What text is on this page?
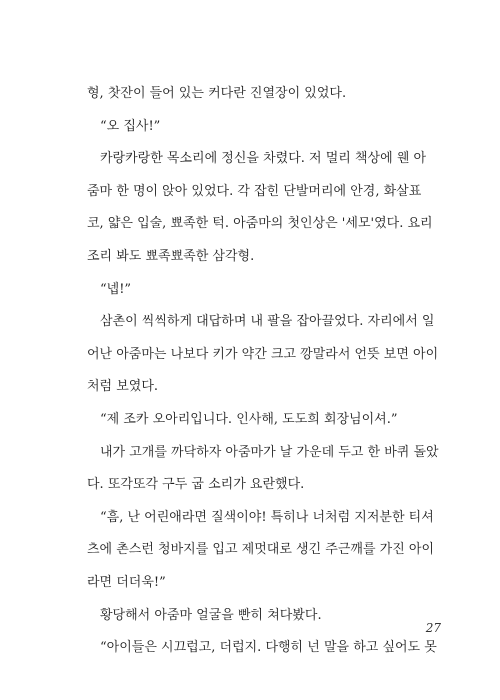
형, 찻잔이 들어 있는 커다란 진열장이 있었다.
“오 집사!”
카랑카랑한 목소리에 정신을 차렸다. 저 멀리 책상에 웬 아
줌마 한 명이 앉아 있었다. 각 잡힌 단발머리에 안경, 화살표
코, 얇은 입술, 뾰족한 턱. 아줌마의 첫인상은 '세모'였다. 요리
조리 봐도 뾰족뾰족한 삼각형.
“넵!”
삼촌이 씩씩하게 대답하며 내 팔을 잡아끌었다. 자리에서 일
어난 아줌마는 나보다 키가 약간 크고 깡말라서 언뜻 보면 아이
처럼 보였다.
“제 조카 오아리입니다. 인사해, 도도희 회장님이셔.”
내가 고개를 까닥하자 아줌마가 날 가운데 두고 한 바퀴 돌았
다. 또각또각 구두 굽 소리가 요란했다.
“흠, 난 어린애라면 질색이야! 특히나 너처럼 지저분한 티셔
츠에 촌스런 청바지를 입고 제멋대로 생긴 주근깨를 가진 아이
라면 더더욱!”
황당해서 아줌마 얼굴을 빤히 쳐다봤다.
“아이들은 시끄럽고, 더럽지. 다행히 넌 말을 하고 싶어도 못
27
